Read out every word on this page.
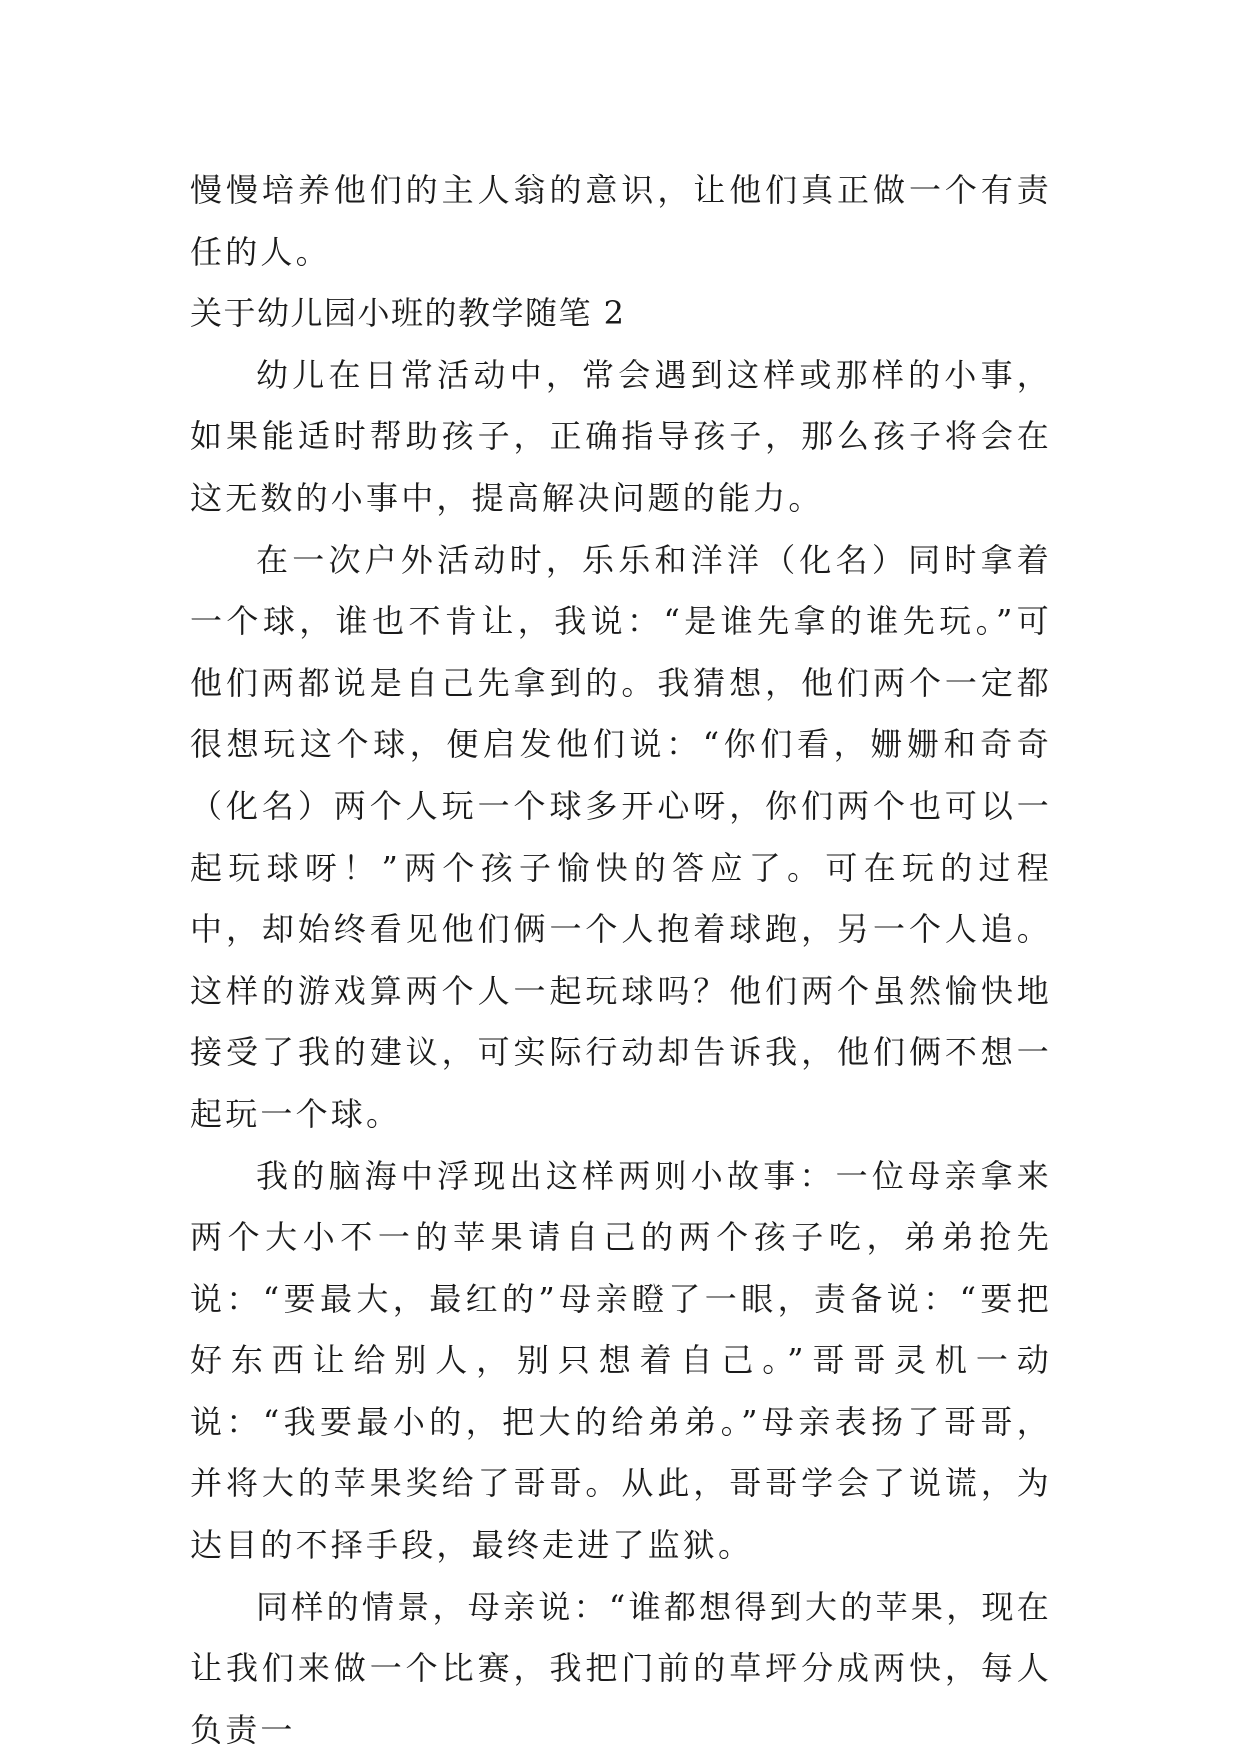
慢慢培养他们的主人翁的意识，让他们真正做一个有责任的人。

关于幼儿园小班的教学随笔 2

幼儿在日常活动中，常会遇到这样或那样的小事，如果能适时帮助孩子，正确指导孩子，那么孩子将会在这无数的小事中，提高解决问题的能力。

在一次户外活动时，乐乐和洋洋（化名）同时拿着一个球，谁也不肯让，我说：“是谁先拿的谁先玩。”可他们两都说是自己先拿到的。我猜想，他们两个一定都很想玩这个球，便启发他们说：“你们看，姗姗和奇奇（化名）两个人玩一个球多开心呀，你们两个也可以一起玩球呀！”两个孩子愉快的答应了。可在玩的过程中，却始终看见他们俩一个人抱着球跑，另一个人追。这样的游戏算两个人一起玩球吗？他们两个虽然愉快地接受了我的建议，可实际行动却告诉我，他们俩不想一起玩一个球。

我的脑海中浮现出这样两则小故事：一位母亲拿来两个大小不一的苹果请自己的两个孩子吃，弟弟抢先说：“要最大，最红的”母亲瞪了一眼，责备说：“要把好东西让给别人，别只想着自己。”哥哥灵机一动说：“我要最小的，把大的给弟弟。”母亲表扬了哥哥，并将大的苹果奖给了哥哥。从此，哥哥学会了说谎，为达目的不择手段，最终走进了监狱。

同样的情景，母亲说：“谁都想得到大的苹果，现在让我们来做一个比赛，我把门前的草坪分成两快，每人负责一
